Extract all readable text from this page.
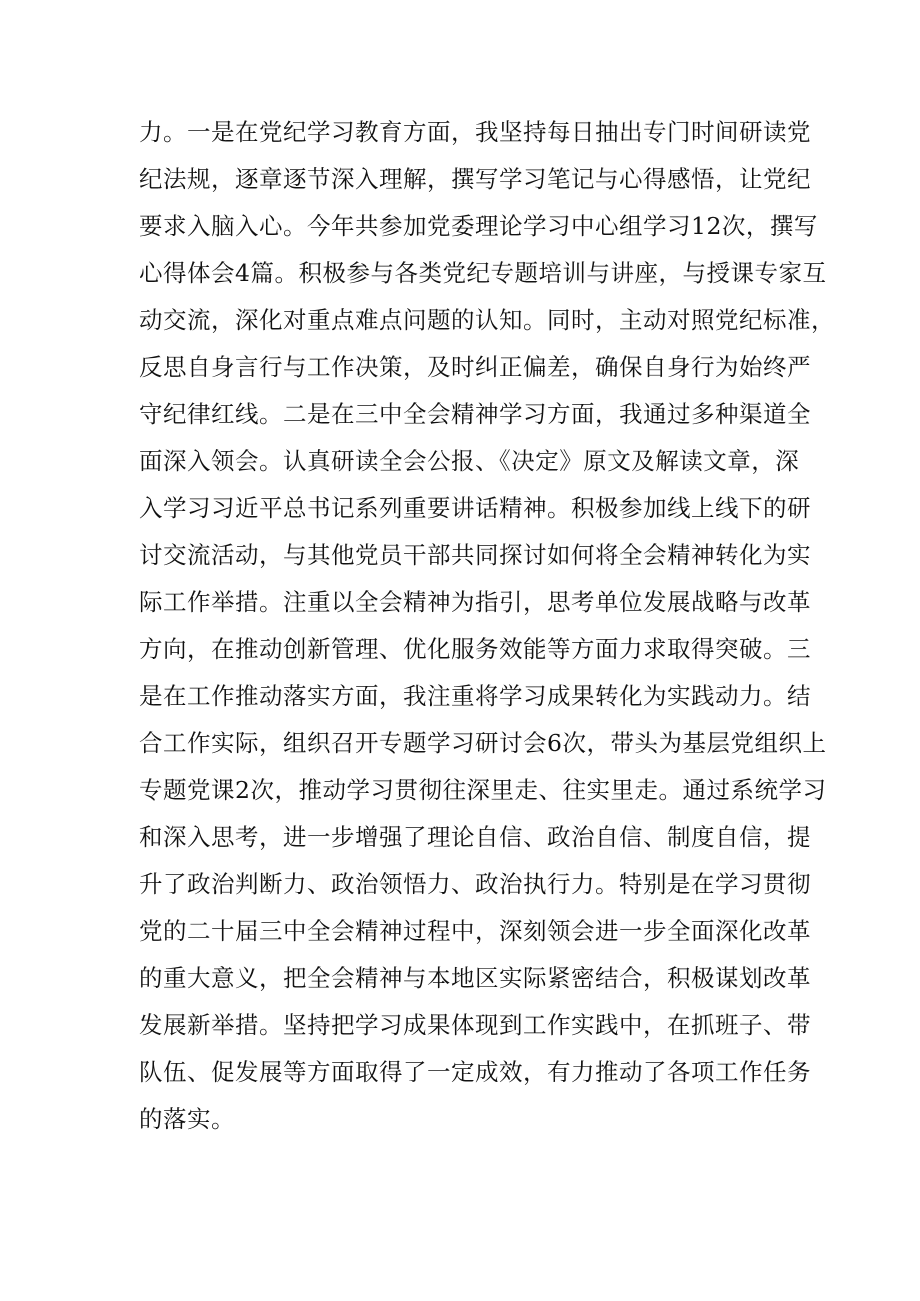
力。一是在党纪学习教育方面，我坚持每日抽出专门时间研读党
纪法规，逐章逐节深入理解，撰写学习笔记与心得感悟，让党纪
要求入脑入心。今年共参加党委理论学习中心组学习12次，撰写
心得体会4篇。积极参与各类党纪专题培训与讲座，与授课专家互
动交流，深化对重点难点问题的认知。同时，主动对照党纪标准，
反思自身言行与工作决策，及时纠正偏差，确保自身行为始终严
守纪律红线。二是在三中全会精神学习方面，我通过多种渠道全
面深入领会。认真研读全会公报、《决定》原文及解读文章，深
入学习习近平总书记系列重要讲话精神。积极参加线上线下的研
讨交流活动，与其他党员干部共同探讨如何将全会精神转化为实
际工作举措。注重以全会精神为指引，思考单位发展战略与改革
方向，在推动创新管理、优化服务效能等方面力求取得突破。三
是在工作推动落实方面，我注重将学习成果转化为实践动力。结
合工作实际，组织召开专题学习研讨会6次，带头为基层党组织上
专题党课2次，推动学习贯彻往深里走、往实里走。通过系统学习
和深入思考，进一步增强了理论自信、政治自信、制度自信，提
升了政治判断力、政治领悟力、政治执行力。特别是在学习贯彻
党的二十届三中全会精神过程中，深刻领会进一步全面深化改革
的重大意义，把全会精神与本地区实际紧密结合，积极谋划改革
发展新举措。坚持把学习成果体现到工作实践中，在抓班子、带
队伍、促发展等方面取得了一定成效，有力推动了各项工作任务
的落实。
